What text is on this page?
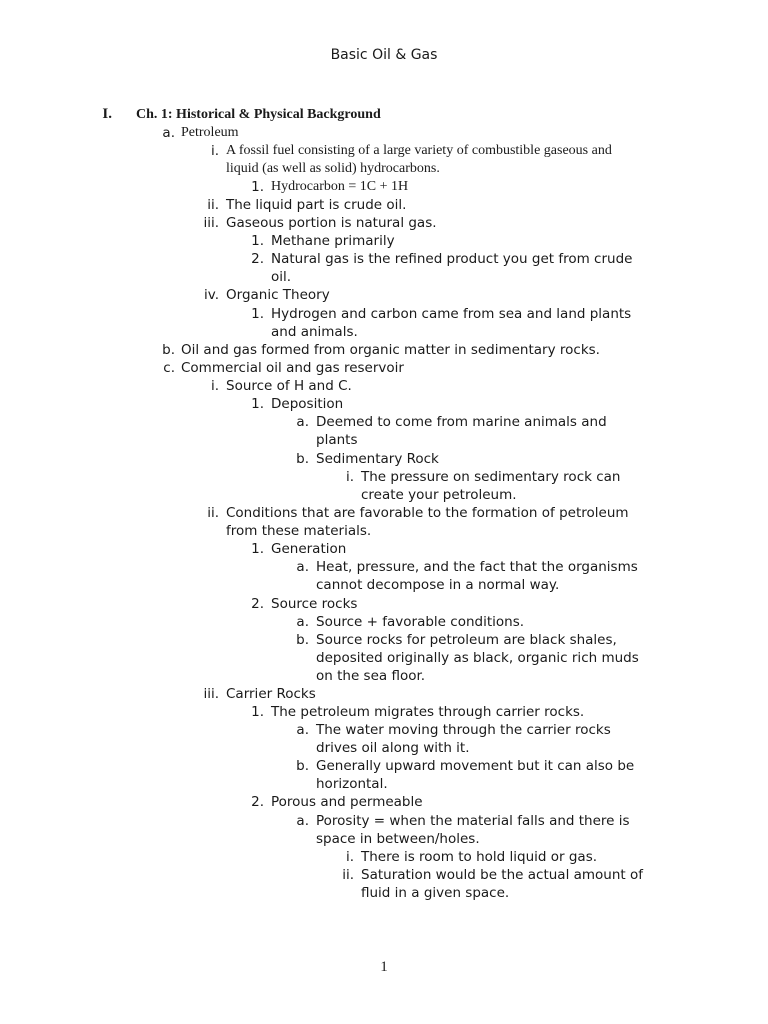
Basic Oil & Gas
I. Ch. 1: Historical & Physical Background
a. Petroleum
i. A fossil fuel consisting of a large variety of combustible gaseous and
liquid (as well as solid) hydrocarbons.
1. Hydrocarbon = 1C + 1H
ii. The liquid part is crude oil.
iii. Gaseous portion is natural gas.
1. Methane primarily
2. Natural gas is the refined product you get from crude
oil.
iv. Organic Theory
1. Hydrogen and carbon came from sea and land plants
and animals.
b. Oil and gas formed from organic matter in sedimentary rocks.
c. Commercial oil and gas reservoir
i. Source of H and C.
1. Deposition
a. Deemed to come from marine animals and
plants
b. Sedimentary Rock
i. The pressure on sedimentary rock can
create your petroleum.
ii. Conditions that are favorable to the formation of petroleum
from these materials.
1. Generation
a. Heat, pressure, and the fact that the organisms
cannot decompose in a normal way.
2. Source rocks
a. Source + favorable conditions.
b. Source rocks for petroleum are black shales,
deposited originally as black, organic rich muds
on the sea floor.
iii. Carrier Rocks
1. The petroleum migrates through carrier rocks.
a. The water moving through the carrier rocks
drives oil along with it.
b. Generally upward movement but it can also be
horizontal.
2. Porous and permeable
a. Porosity = when the material falls and there is
space in between/holes.
i. There is room to hold liquid or gas.
ii. Saturation would be the actual amount of
fluid in a given space.
1
